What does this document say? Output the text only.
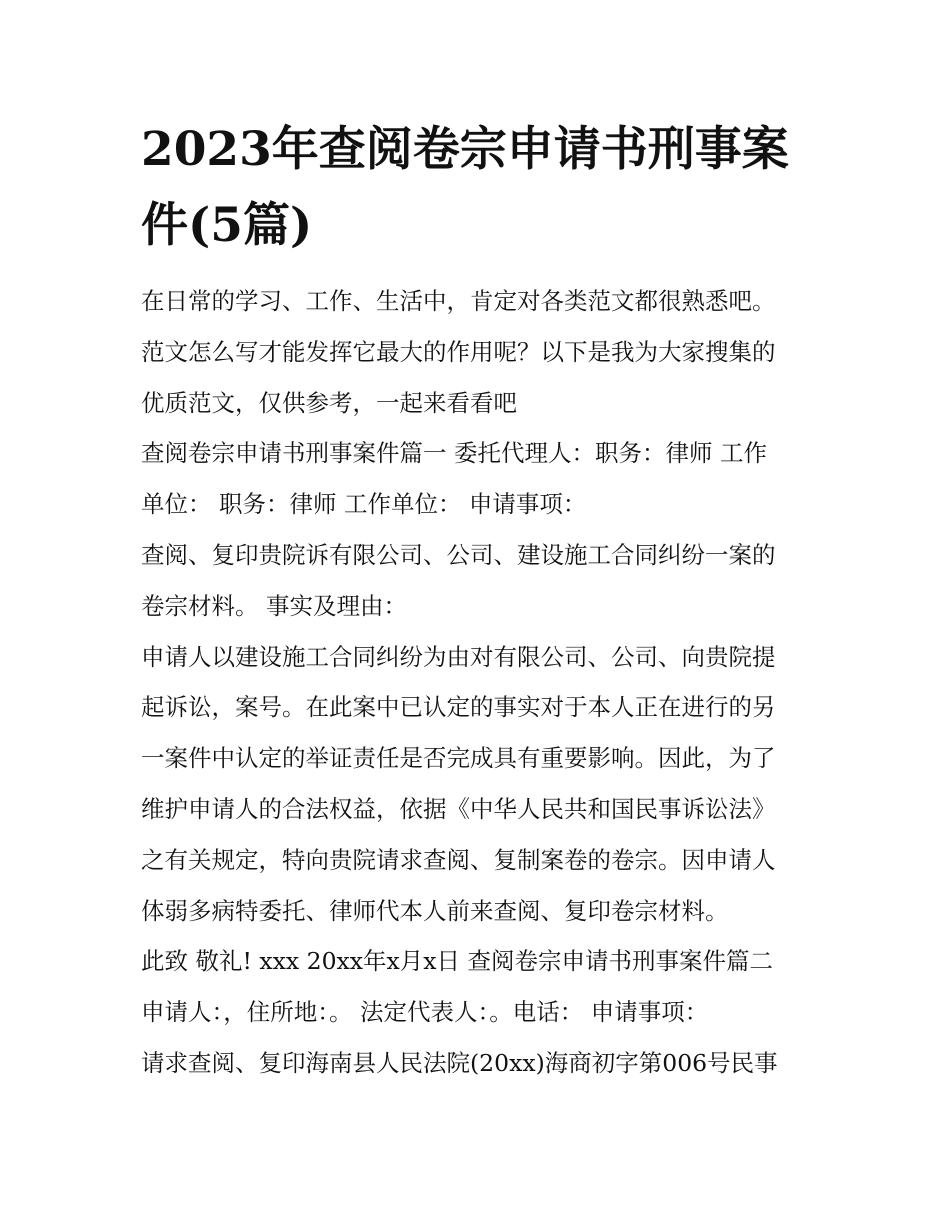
2023年查阅卷宗申请书刑事案
件(5篇)
在日常的学习、工作、生活中，肯定对各类范文都很熟悉吧。
范文怎么写才能发挥它最大的作用呢？以下是我为大家搜集的
优质范文，仅供参考，一起来看看吧
查阅卷宗申请书刑事案件篇一 委托代理人：职务：律师 工作
单位： 职务：律师 工作单位： 申请事项：
查阅、复印贵院诉有限公司、公司、建设施工合同纠纷一案的
卷宗材料。 事实及理由：
申请人以建设施工合同纠纷为由对有限公司、公司、向贵院提
起诉讼，案号。在此案中已认定的事实对于本人正在进行的另
一案件中认定的举证责任是否完成具有重要影响。因此，为了
维护申请人的合法权益，依据《中华人民共和国民事诉讼法》
之有关规定，特向贵院请求查阅、复制案卷的卷宗。因申请人
体弱多病特委托、律师代本人前来查阅、复印卷宗材料。
此致 敬礼! xxx 20xx年x月x日 查阅卷宗申请书刑事案件篇二
申请人：，住所地：。 法定代表人：。电话： 申请事项：
请求查阅、复印海南县人民法院(20xx)海商初字第006号民事
